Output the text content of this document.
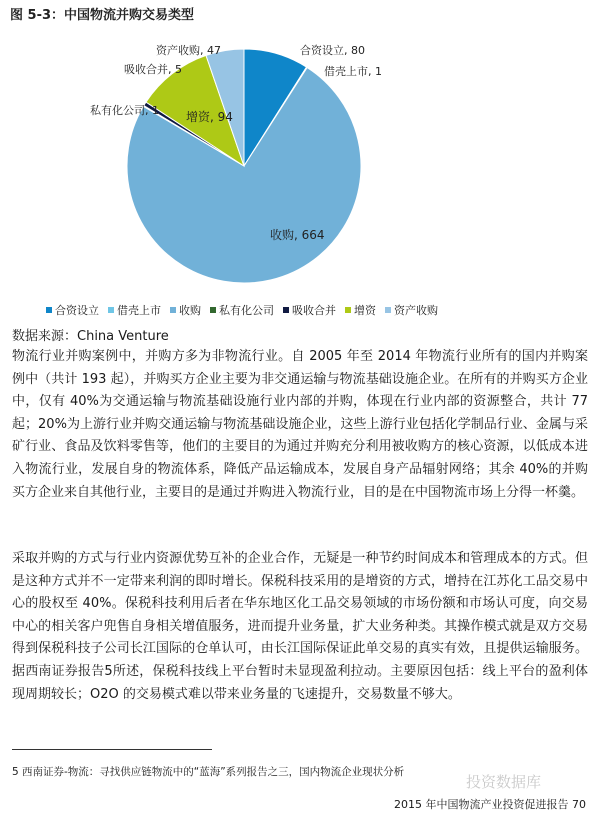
图 5-3：中国物流并购交易类型
合资设立, 80
借壳上市, 1
收购, 664
私有化公司, 1
吸收合并, 5
增资, 94
资产收购, 47
合资设立 借壳上市 收购 私有化公司 吸收合并 增资 资产收购
数据来源：China Venture

物流行业并购案例中，并购方多为非物流行业。自 2005 年至 2014 年物流行业所有的国内并购案例中（共计 193 起），并购买方企业主要为非交通运输与物流基础设施企业。在所有的并购买方企业中，仅有 40%为交通运输与物流基础设施行业内部的并购，体现在行业内部的资源整合，共计 77 起；20%为上游行业并购交通运输与物流基础设施企业，这些上游行业包括化学制品行业、金属与采矿行业、食品及饮料零售等，他们的主要目的为通过并购充分利用被收购方的核心资源，以低成本进入物流行业，发展自身的物流体系，降低产品运输成本，发展自身产品辐射网络；其余 40%的并购买方企业来自其他行业，主要目的是通过并购进入物流行业，目的是在中国物流市场上分得一杯羹。

采取并购的方式与行业内资源优势互补的企业合作，无疑是一种节约时间成本和管理成本的方式。但是这种方式并不一定带来利润的即时增长。保税科技采用的是增资的方式，增持在江苏化工品交易中心的股权至 40%。保税科技利用后者在华东地区化工品交易领域的市场份额和市场认可度，向交易中心的相关客户兜售自身相关增值服务，进而提升业务量，扩大业务种类。其操作模式就是双方交易得到保税科技子公司长江国际的仓单认可，由长江国际保证此单交易的真实有效，且提供运输服务。据西南证券报告5所述，保税科技线上平台暂时未显现盈利拉动。主要原因包括：线上平台的盈利体现周期较长；O2O 的交易模式难以带来业务量的飞速提升，交易数量不够大。

5 西南证券-物流：寻找供应链物流中的“蓝海”系列报告之三，国内物流企业现状分析
投资数据库
2015 年中国物流产业投资促进报告 70
